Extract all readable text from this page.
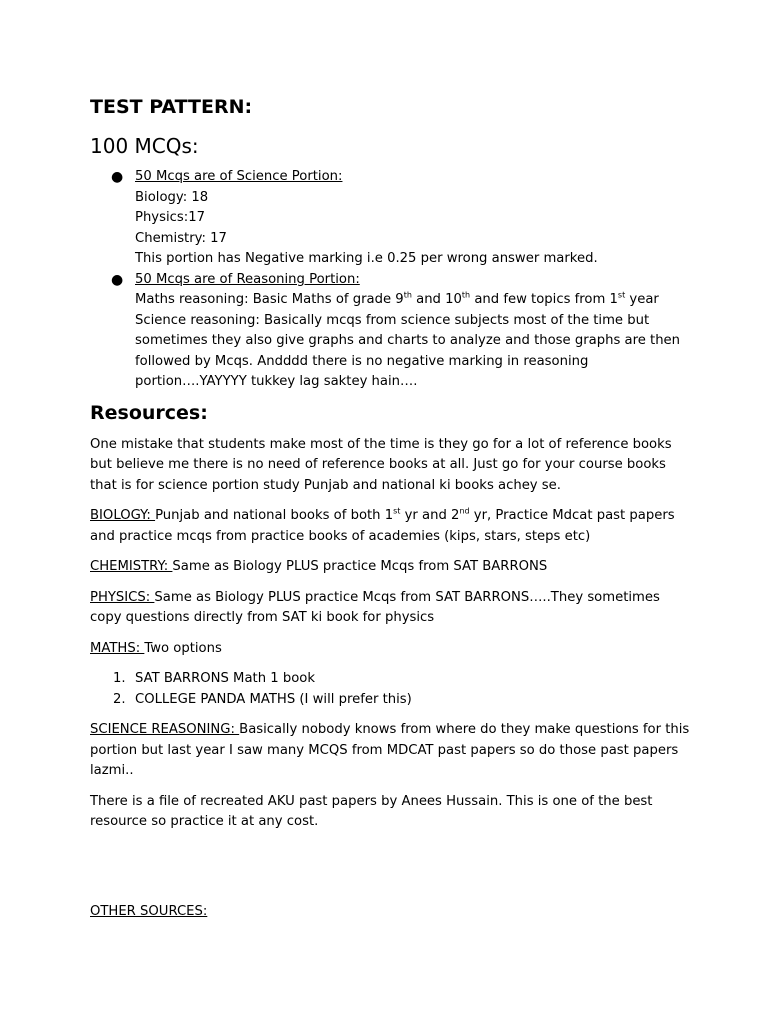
TEST PATTERN:
100 MCQs:
● 50 Mcqs are of Science Portion:
Biology: 18
Physics:17
Chemistry: 17
This portion has Negative marking i.e 0.25 per wrong answer marked.
● 50 Mcqs are of Reasoning Portion:
Maths reasoning: Basic Maths of grade 9th and 10th and few topics from 1st year
Science reasoning: Basically mcqs from science subjects most of the time but sometimes they also give graphs and charts to analyze and those graphs are then followed by Mcqs. Andddd there is no negative marking in reasoning portion….YAYYYY tukkey lag saktey hain….
Resources:

One mistake that students make most of the time is they go for a lot of reference books but believe me there is no need of reference books at all. Just go for your course books that is for science portion study Punjab and national ki books achey se.

BIOLOGY: Punjab and national books of both 1st yr and 2nd yr, Practice Mdcat past papers and practice mcqs from practice books of academies (kips, stars, steps etc)

CHEMISTRY: Same as Biology PLUS practice Mcqs from SAT BARRONS

PHYSICS: Same as Biology PLUS practice Mcqs from SAT BARRONS…..They sometimes copy questions directly from SAT ki book for physics

MATHS: Two options

1. SAT BARRONS Math 1 book
2. COLLEGE PANDA MATHS (I will prefer this)

SCIENCE REASONING: Basically nobody knows from where do they make questions for this portion but last year I saw many MCQS from MDCAT past papers so do those past papers lazmi..

There is a file of recreated AKU past papers by Anees Hussain. This is one of the best resource so practice it at any cost.

OTHER SOURCES:
